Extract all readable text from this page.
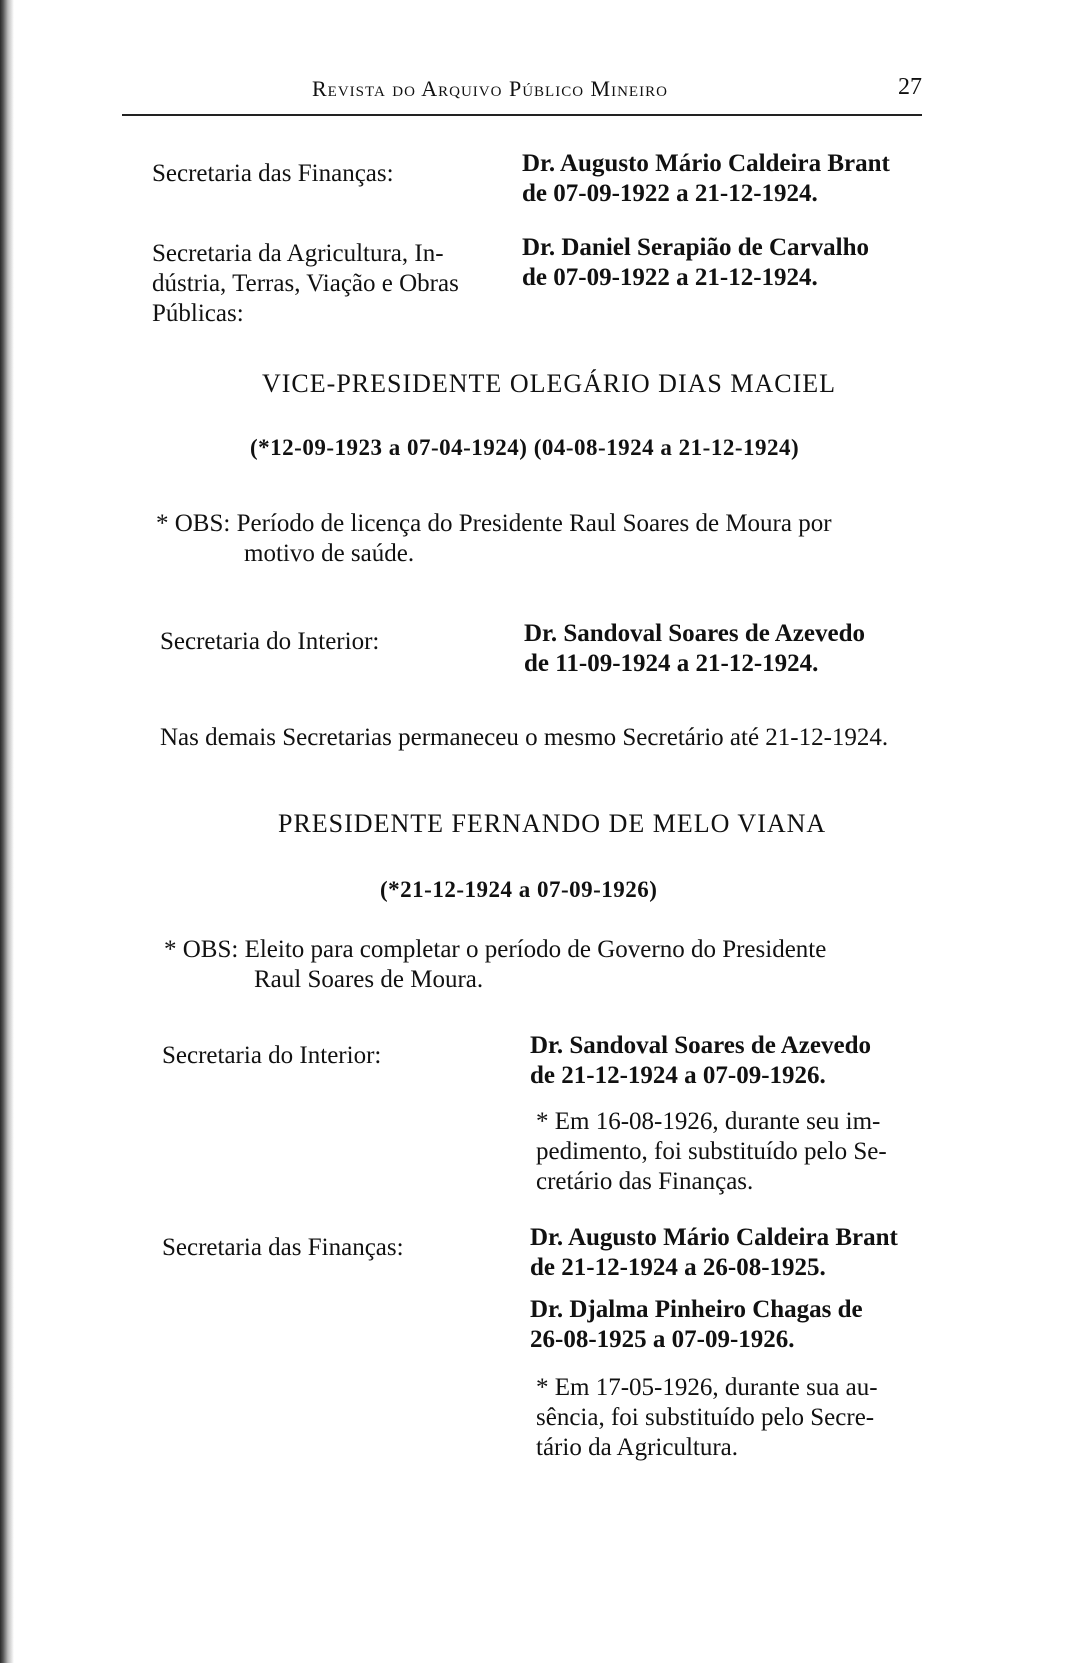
Revista do Arquivo Público Mineiro	27
Secretaria das Finanças:	Dr. Augusto Mário Caldeira Brant
de 07-09-1922 a 21-12-1924.
Secretaria da Agricultura, In-
dústria, Terras, Viação e Obras
Públicas:
Dr. Daniel Serapião de Carvalho
de 07-09-1922 a 21-12-1924.
VICE-PRESIDENTE OLEGÁRIO DIAS MACIEL
(*12-09-1923 a 07-04-1924) (04-08-1924 a 21-12-1924)
* OBS: Período de licença do Presidente Raul Soares de Moura por
motivo de saúde.
Secretaria do Interior:	Dr. Sandoval Soares de Azevedo
de 11-09-1924 a 21-12-1924.
Nas demais Secretarias permaneceu o mesmo Secretário até 21-12-1924.
PRESIDENTE FERNANDO DE MELO VIANA
(*21-12-1924 a 07-09-1926)
* OBS: Eleito para completar o período de Governo do Presidente
Raul Soares de Moura.
Secretaria do Interior:	Dr. Sandoval Soares de Azevedo
de 21-12-1924 a 07-09-1926.
* Em 16-08-1926, durante seu im-
pedimento, foi substituído pelo Se-
cretário das Finanças.
Secretaria das Finanças:	Dr. Augusto Mário Caldeira Brant
de 21-12-1924 a 26-08-1925.
Dr. Djalma Pinheiro Chagas de
26-08-1925 a 07-09-1926.
* Em 17-05-1926, durante sua au-
sência, foi substituído pelo Secre-
tário da Agricultura.
